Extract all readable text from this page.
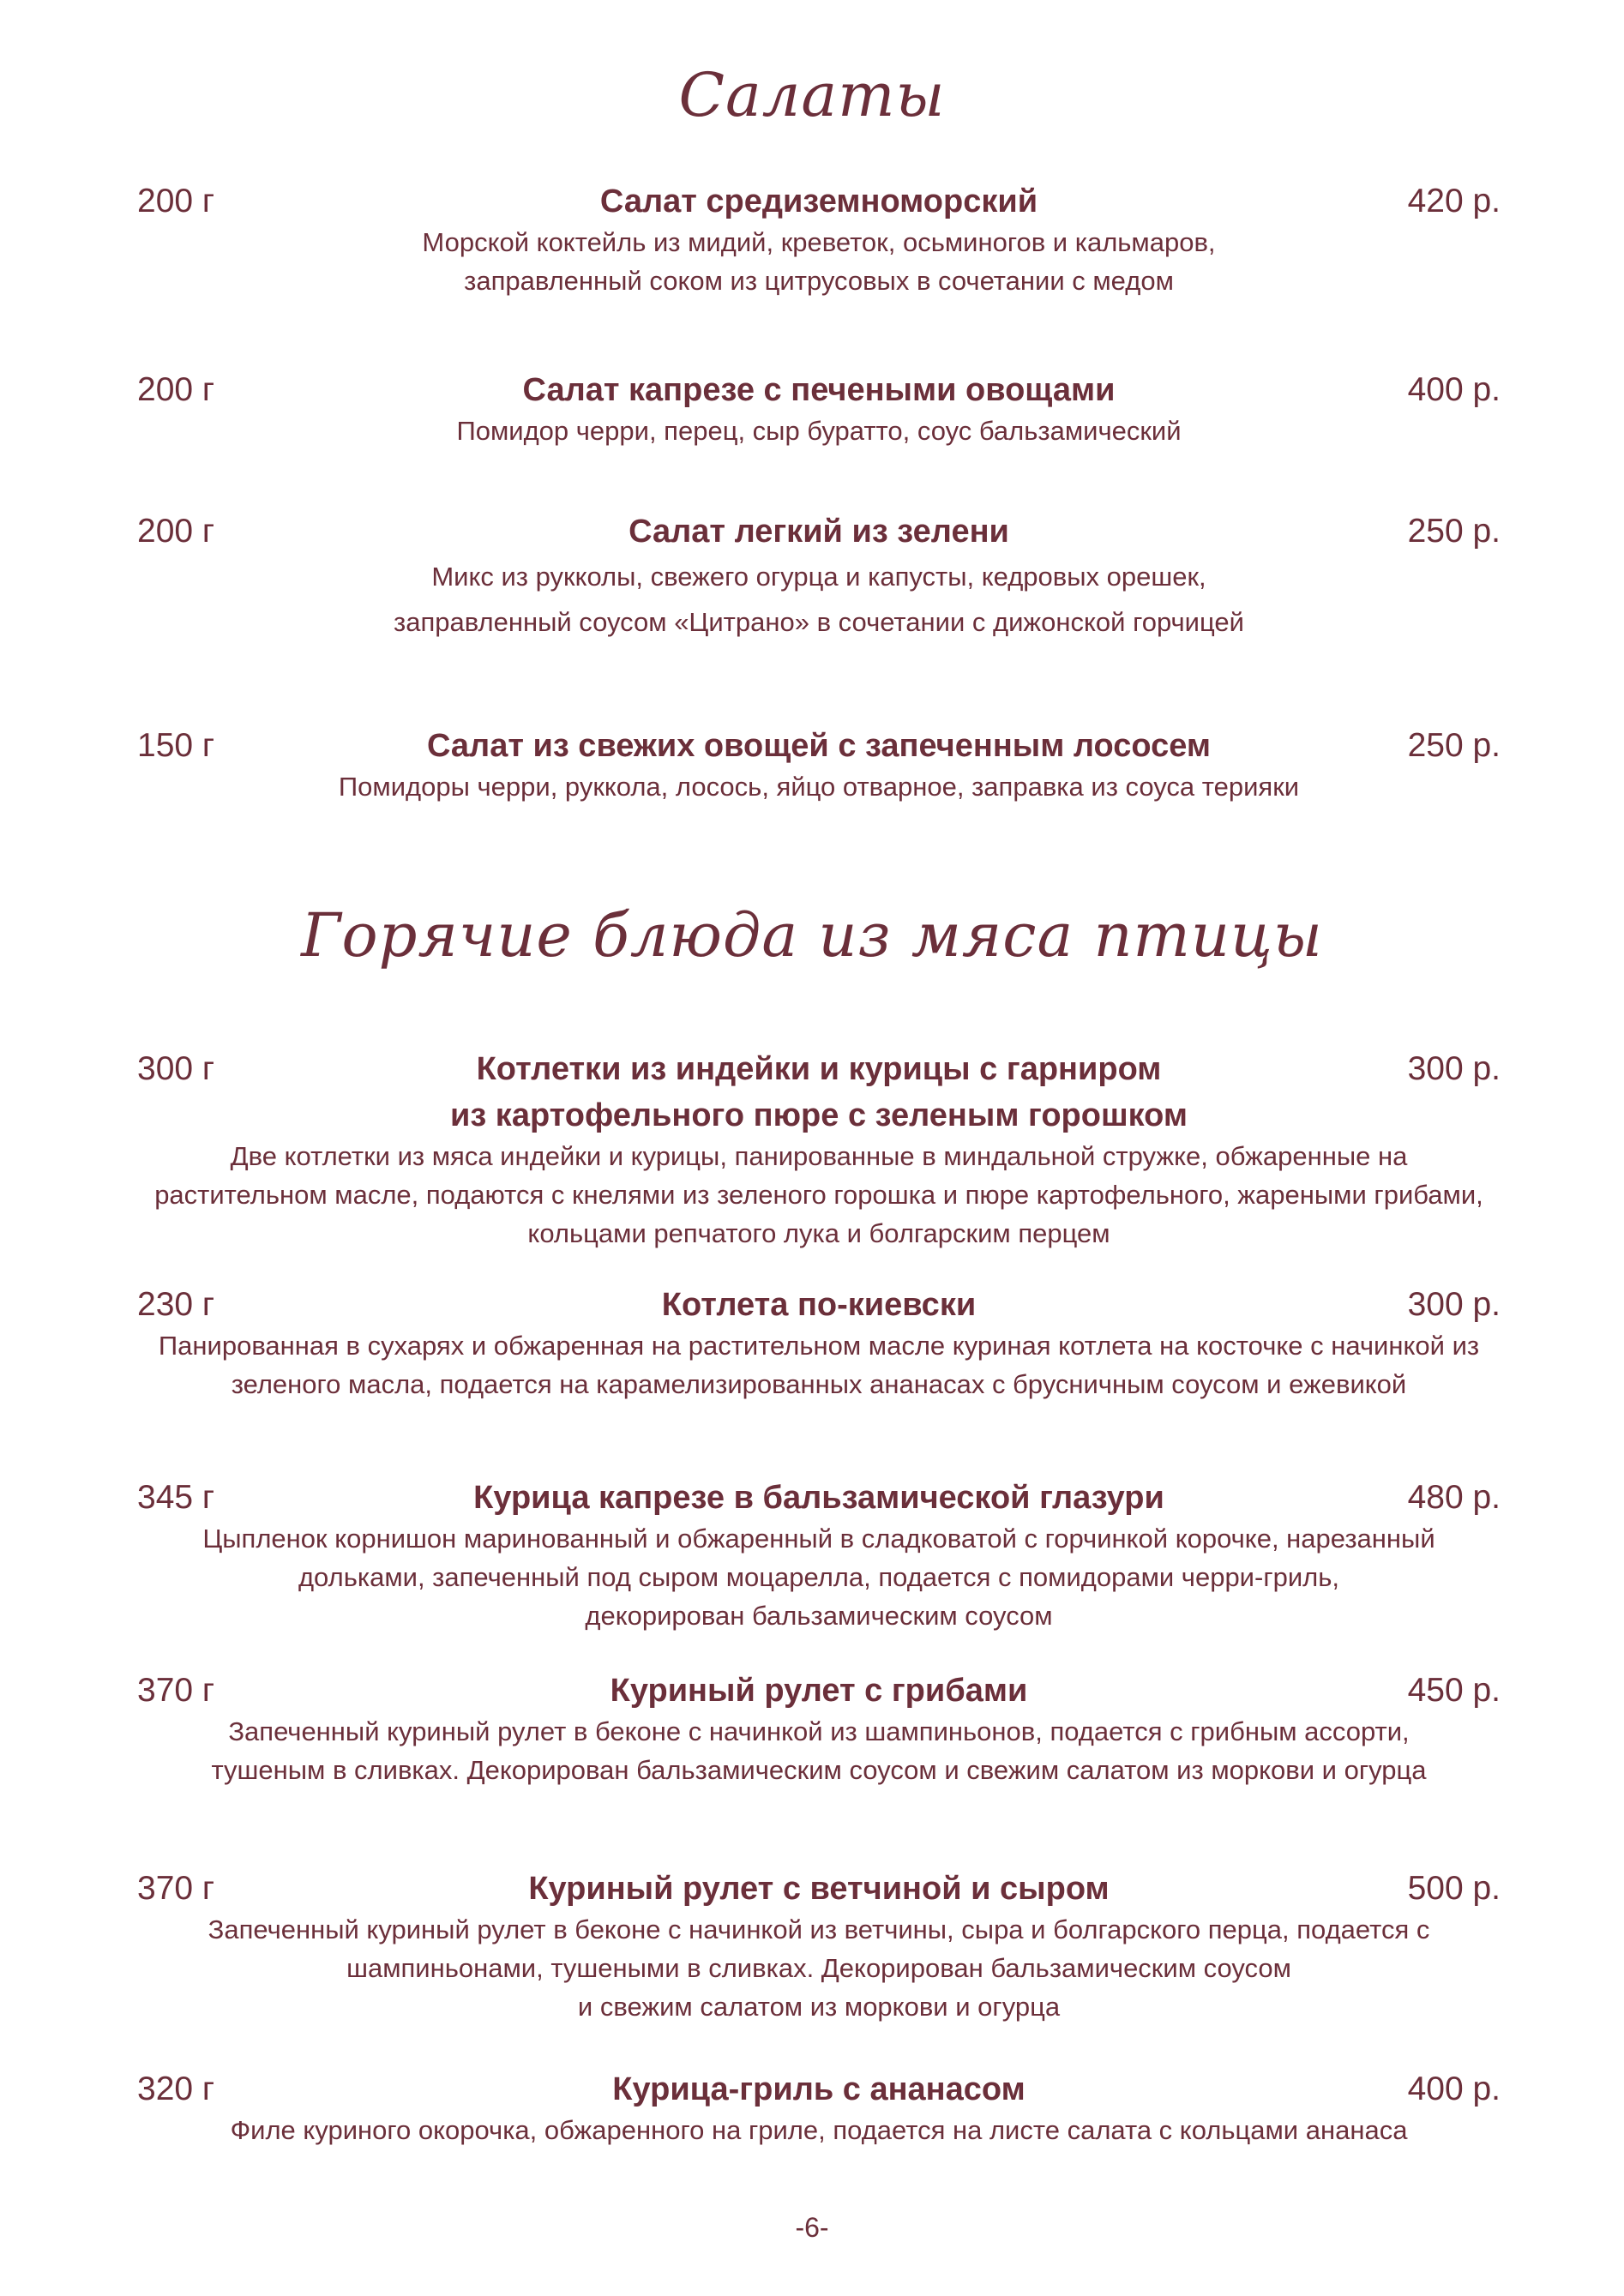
Салаты
200 г	Салат средиземноморский	420 р.
Морской коктейль из мидий, креветок, осьминогов и кальмаров,
заправленный соком из цитрусовых в сочетании с медом
200 г	Салат капрезе с печеными овощами	400 р.
Помидор черри, перец, сыр буратто, соус бальзамический
200 г	Салат легкий из зелени	250 р.
Микс из рукколы, свежего огурца и капусты, кедровых орешек,
заправленный соусом «Цитрано» в сочетании с дижонской горчицей
150 г	Салат из свежих овощей с запеченным лососем	250 р.
Помидоры черри, руккола, лосось, яйцо отварное, заправка из соуса терияки
Горячие блюда из мяса птицы
300 г	Котлетки из индейки и курицы с гарниром	300 р.
из картофельного пюре с зеленым горошком
Две котлетки из мяса индейки и курицы, панированные в миндальной стружке, обжаренные на
растительном масле, подаются с кнелями из зеленого горошка и пюре картофельного, жареными грибами,
кольцами репчатого лука и болгарским перцем
230 г	Котлета по-киевски	300 р.
Панированная в сухарях и обжаренная на растительном масле куриная котлета на косточке с начинкой из
зеленого масла, подается на карамелизированных ананасах с брусничным соусом и ежевикой
345 г	Курица капрезе в бальзамической глазури	480 р.
Цыпленок корнишон маринованный и обжаренный в сладковатой с горчинкой корочке, нарезанный
дольками, запеченный под сыром моцарелла, подается с помидорами черри-гриль,
декорирован бальзамическим соусом
370 г	Куриный рулет с грибами	450 р.
Запеченный куриный рулет в беконе с начинкой из шампиньонов, подается с грибным ассорти,
тушеным в сливках. Декорирован бальзамическим соусом и свежим салатом из моркови и огурца
370 г	Куриный рулет с ветчиной и сыром	500 р.
Запеченный куриный рулет в беконе с начинкой из ветчины, сыра и болгарского перца, подается с
шампиньонами, тушеными в сливках. Декорирован бальзамическим соусом
и свежим салатом из моркови и огурца
320 г	Курица-гриль с ананасом	400 р.
Филе куриного окорочка, обжаренного на гриле, подается на листе салата с кольцами ананаса
-6-
